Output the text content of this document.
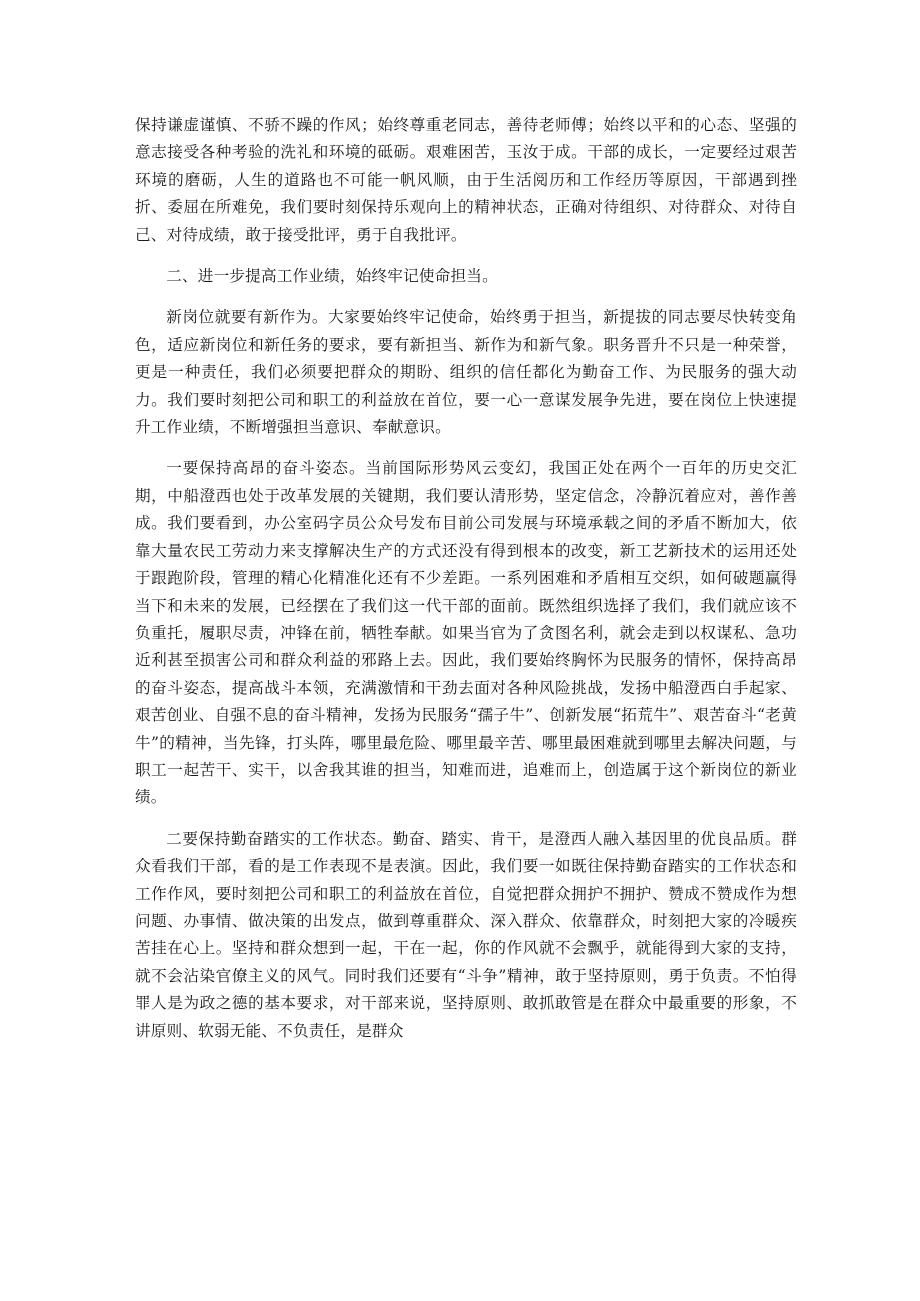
保持谦虚谨慎、不骄不躁的作风；始终尊重老同志，善待老师傅；始终以平和的心态、坚强的意志接受各种考验的洗礼和环境的砥砺。艰难困苦，玉汝于成。干部的成长，一定要经过艰苦环境的磨砺，人生的道路也不可能一帆风顺，由于生活阅历和工作经历等原因，干部遇到挫折、委屈在所难免，我们要时刻保持乐观向上的精神状态，正确对待组织、对待群众、对待自己、对待成绩，敢于接受批评，勇于自我批评。

二、进一步提高工作业绩，始终牢记使命担当。

新岗位就要有新作为。大家要始终牢记使命，始终勇于担当，新提拔的同志要尽快转变角色，适应新岗位和新任务的要求，要有新担当、新作为和新气象。职务晋升不只是一种荣誉，更是一种责任，我们必须要把群众的期盼、组织的信任都化为勤奋工作、为民服务的强大动力。我们要时刻把公司和职工的利益放在首位，要一心一意谋发展争先进，要在岗位上快速提升工作业绩，不断增强担当意识、奉献意识。

一要保持高昂的奋斗姿态。当前国际形势风云变幻，我国正处在两个一百年的历史交汇期，中船澄西也处于改革发展的关键期，我们要认清形势，坚定信念，冷静沉着应对，善作善成。我们要看到，办公室码字员公众号发布目前公司发展与环境承载之间的矛盾不断加大，依靠大量农民工劳动力来支撑解决生产的方式还没有得到根本的改变，新工艺新技术的运用还处于跟跑阶段，管理的精心化精准化还有不少差距。一系列困难和矛盾相互交织，如何破题赢得当下和未来的发展，已经摆在了我们这一代干部的面前。既然组织选择了我们，我们就应该不负重托，履职尽责，冲锋在前，牺牲奉献。如果当官为了贪图名利，就会走到以权谋私、急功近利甚至损害公司和群众利益的邪路上去。因此，我们要始终胸怀为民服务的情怀，保持高昂的奋斗姿态，提高战斗本领，充满激情和干劲去面对各种风险挑战，发扬中船澄西白手起家、艰苦创业、自强不息的奋斗精神，发扬为民服务“孺子牛”、创新发展“拓荒牛”、艰苦奋斗“老黄牛”的精神，当先锋，打头阵，哪里最危险、哪里最辛苦、哪里最困难就到哪里去解决问题，与职工一起苦干、实干，以舍我其谁的担当，知难而进，追难而上，创造属于这个新岗位的新业绩。

二要保持勤奋踏实的工作状态。勤奋、踏实、肯干，是澄西人融入基因里的优良品质。群众看我们干部，看的是工作表现不是表演。因此，我们要一如既往保持勤奋踏实的工作状态和工作作风，要时刻把公司和职工的利益放在首位，自觉把群众拥护不拥护、赞成不赞成作为想问题、办事情、做决策的出发点，做到尊重群众、深入群众、依靠群众，时刻把大家的冷暖疾苦挂在心上。坚持和群众想到一起，干在一起，你的作风就不会飘乎，就能得到大家的支持，就不会沾染官僚主义的风气。同时我们还要有“斗争”精神，敢于坚持原则，勇于负责。不怕得罪人是为政之德的基本要求，对干部来说，坚持原则、敢抓敢管是在群众中最重要的形象，不讲原则、软弱无能、不负责任，是群众
